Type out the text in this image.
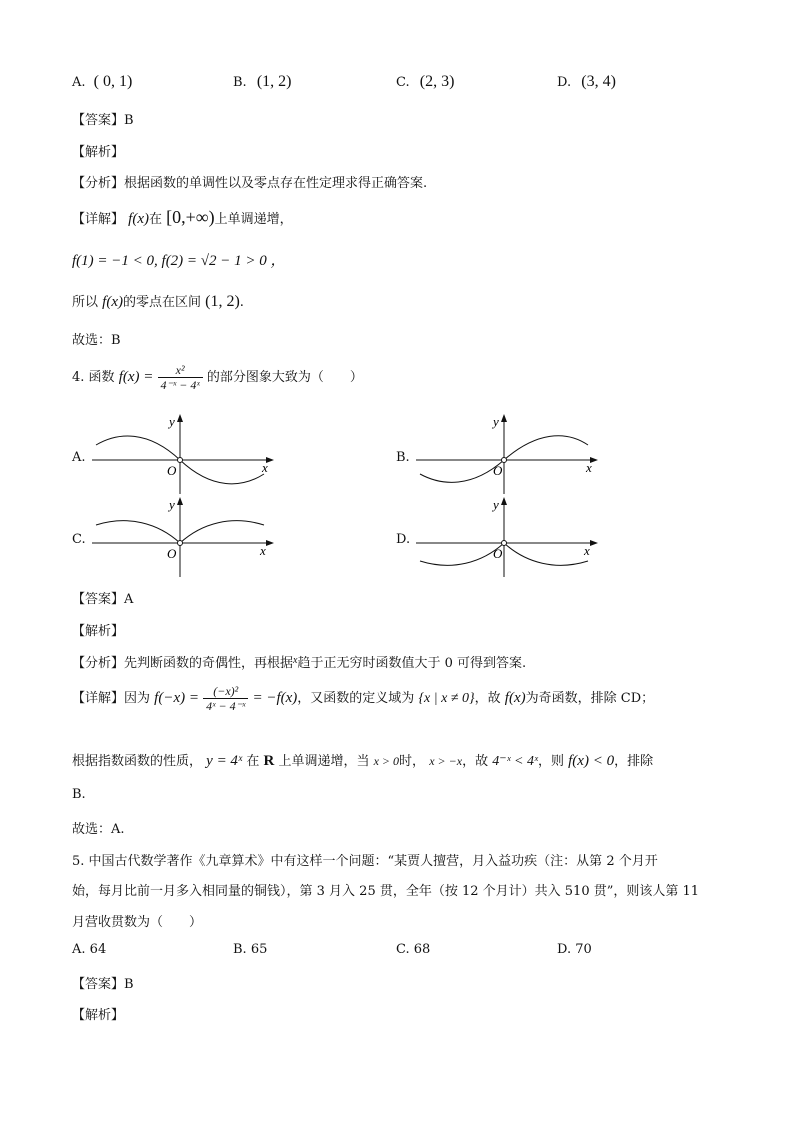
A. ( 0, 1)	B. (1, 2)	C. (2, 3)	D. (3, 4)
【答案】B
【解析】
【分析】根据函数的单调性以及零点存在性定理求得正确答案.
【详解】 f(x)在 [0,+∞)上单调递增，
f(1) = −1 < 0, f(2) = √2 − 1 > 0 ，
所以 f(x)的零点在区间 (1, 2).
故选：B
4. 函数 $f(x) = \frac{\text{x²}}{\text{4⁻ˣ − 4ˣ}}$ 的部分图象大致为（　　）
A.
O	x
y
B.
O	x
y
C.
O	x
y
D.
O	x
y
【答案】A
【解析】
【分析】先判断函数的奇偶性，再根据$^x$趋于正无穷时函数值大于 0 可得到答案.
【详解】因为 $f(-x) = \frac{\text{(−x)²}}{\text{4ˣ − 4⁻ˣ}} = -f(x)$，又函数的定义域为 {x | x ≠ 0}，故 f(x)为奇函数，排除 CD；
根据指数函数的性质， y = 4ˣ 在 R 上单调递增，当 x > 0时， x > −x，故 4⁻ˣ < 4ˣ，则 f(x) < 0，排除
B.
故选：A.
5. 中国古代数学著作《九章算术》中有这样一个问题：“某贾人擅营，月入益功疾（注：从第 2 个月开
始，每月比前一月多入相同量的铜钱），第 3 月入 25 贯，全年（按 12 个月计）共入 510 贯”，则该人第 11
月营收贯数为（　　）
A. 64	B. 65	C. 68	D. 70
【答案】B
【解析】
